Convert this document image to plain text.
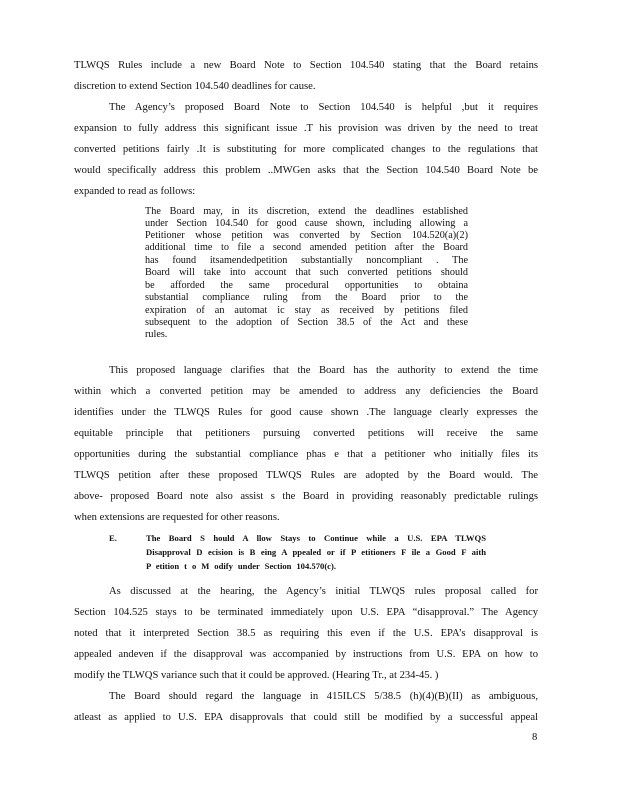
TLWQS Rules include a new Board Note to Section 104.540 stating that the Board retains
discretion to extend Section 104.540 deadlines for cause.
The Agency’s proposed Board Note to Section 104.540 is helpful ,but it requires
expansion to fully address this significant issue .T his provision was driven by the need to treat
converted petitions fairly .It is substituting for more complicated changes to the regulations that
would specifically address this problem ..MWGen asks that the Section 104.540 Board Note be
expanded to read as follows:
The Board may, in its discretion, extend the deadlines established
under Section 104.540 for good cause shown, including allowing a
Petitioner whose petition was converted by Section 104.520(a)(2)
additional time to file a second amended petition after the Board
has found itsamendedpetition substantially noncompliant . The
Board will take into account that such converted petitions should
be afforded the same procedural opportunities to obtaina
substantial compliance ruling from the Board prior to the
expiration of an automat ic stay as received by petitions filed
subsequent to the adoption of Section 38.5 of the Act and these
rules.
This proposed language clarifies that the Board has the authority to extend the time
within which a converted petition may be amended to address any deficiencies the Board
identifies under the TLWQS Rules for good cause shown .The language clearly expresses the
equitable principle that petitioners pursuing converted petitions will receive the same
opportunities during the substantial compliance phas e that a petitioner who initially files its
TLWQS petition after these proposed TLWQS Rules are adopted by the Board would. The
above- proposed Board note also assist s the Board in providing reasonably predictable rulings
when extensions are requested for other reasons.
E.	The Board S hould A llow Stays to Continue while a U.S. EPA TLWQS
Disapproval D ecision is B eing A ppealed or if P etitioners F ile a Good F aith
P etition t o M odify under Section 104.570(c).
As discussed at the hearing, the Agency’s initial TLWQS rules proposal called for
Section 104.525 stays to be terminated immediately upon U.S. EPA “disapproval.” The Agency
noted that it interpreted Section 38.5 as requiring this even if the U.S. EPA’s disapproval is
appealed andeven if the disapproval was accompanied by instructions from U.S. EPA on how to
modify the TLWQS variance such that it could be approved. (Hearing Tr., at 234-45. )
The Board should regard the language in 415ILCS 5/38.5 (h)(4)(B)(II) as ambiguous,
atleast as applied to U.S. EPA disapprovals that could still be modified by a successful appeal
8
